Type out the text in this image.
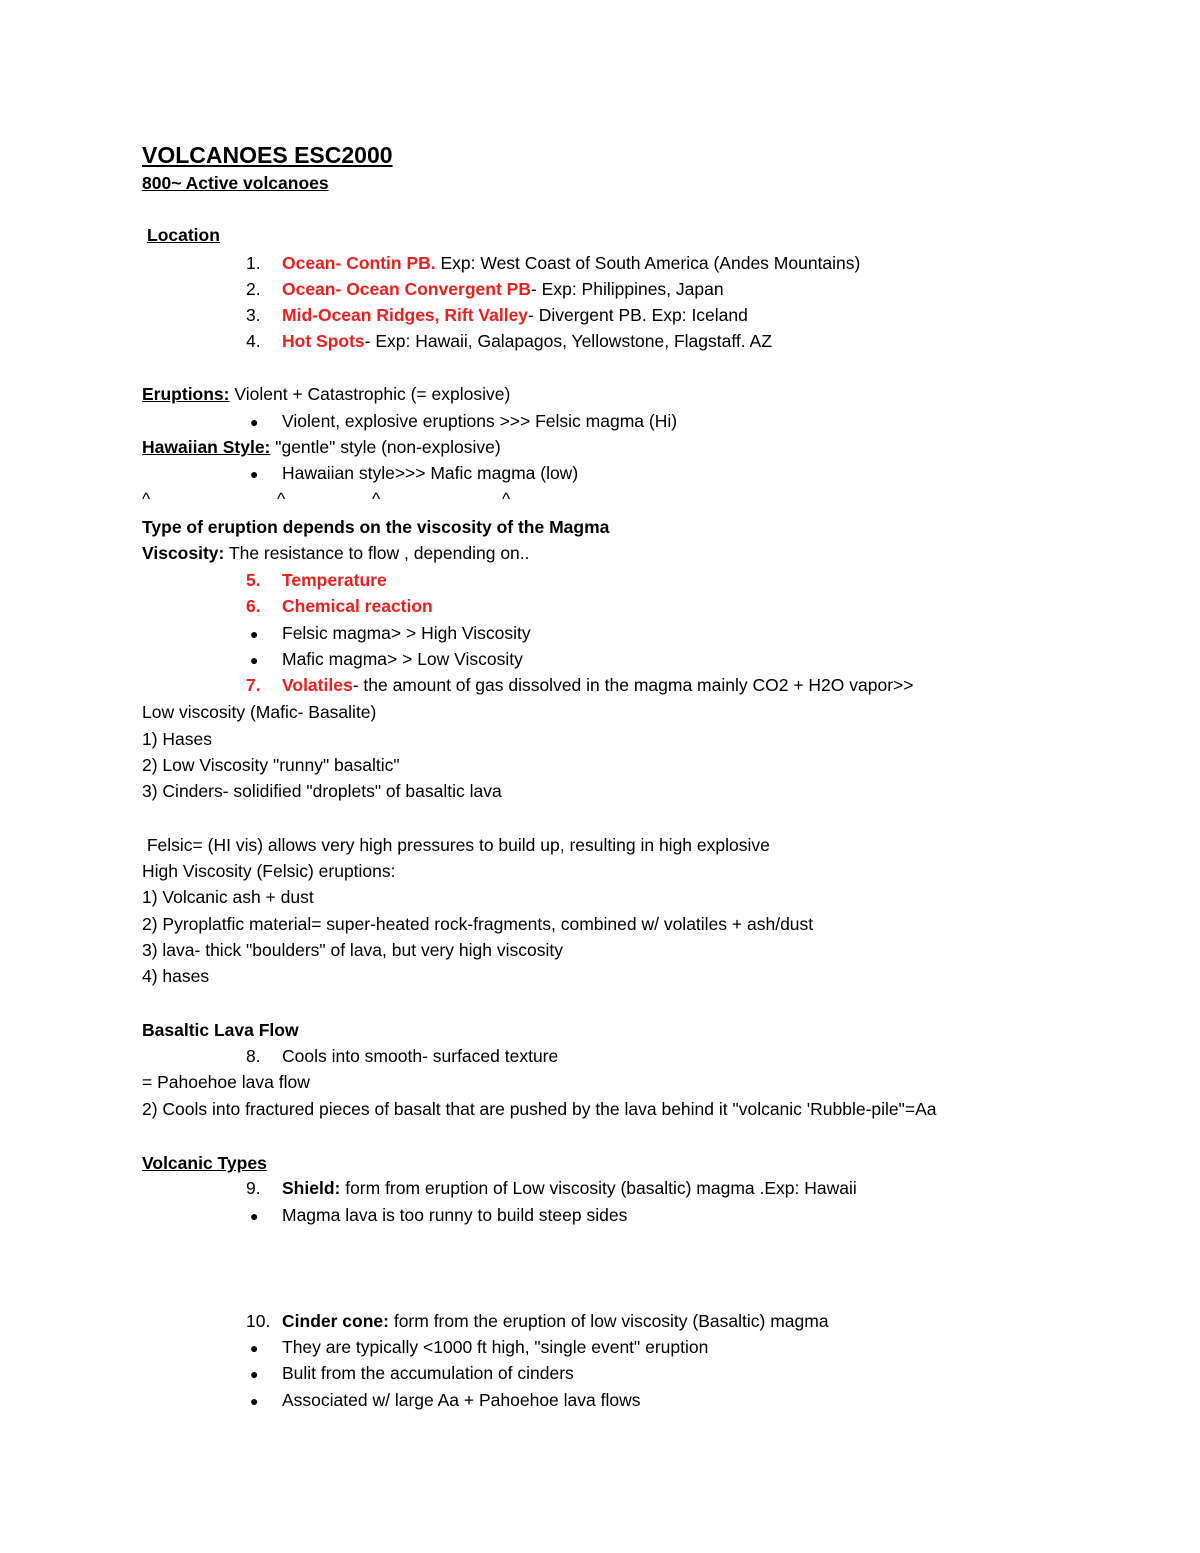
VOLCANOES ESC2000
800~ Active volcanoes
Location
1. Ocean- Contin PB. Exp: West Coast of South America (Andes Mountains)
2. Ocean- Ocean Convergent PB- Exp: Philippines, Japan
3. Mid-Ocean Ridges, Rift Valley- Divergent PB. Exp: Iceland
4. Hot Spots- Exp: Hawaii, Galapagos, Yellowstone, Flagstaff. AZ
Eruptions: Violent + Catastrophic (= explosive)
● Violent, explosive eruptions >>> Felsic magma (Hi)
Hawaiian Style: "gentle" style (non-explosive)
● Hawaiian style>>> Mafic magma (low)
^	^	^	^
Type of eruption depends on the viscosity of the Magma
Viscosity: The resistance to flow , depending on..
5. Temperature
6. Chemical reaction
● Felsic magma> > High Viscosity
● Mafic magma> > Low Viscosity
7. Volatiles- the amount of gas dissolved in the magma mainly CO2 + H2O vapor>>
Low viscosity (Mafic- Basalite)
1) Hases
2) Low Viscosity "runny" basaltic"
3) Cinders- solidified "droplets" of basaltic lava
Felsic= (HI vis) allows very high pressures to build up, resulting in high explosive
High Viscosity (Felsic) eruptions:
1) Volcanic ash + dust
2) Pyroplatfic material= super-heated rock-fragments, combined w/ volatiles + ash/dust
3) lava- thick "boulders" of lava, but very high viscosity
4) hases
Basaltic Lava Flow
8. Cools into smooth- surfaced texture
= Pahoehoe lava flow
2) Cools into fractured pieces of basalt that are pushed by the lava behind it "volcanic 'Rubble-pile"=Aa
Volcanic Types
9. Shield: form from eruption of Low viscosity (basaltic) magma .Exp: Hawaii
● Magma lava is too runny to build steep sides
10. Cinder cone: form from the eruption of low viscosity (Basaltic) magma
● They are typically <1000 ft high, "single event" eruption
● Bulit from the accumulation of cinders
● Associated w/ large Aa + Pahoehoe lava flows
